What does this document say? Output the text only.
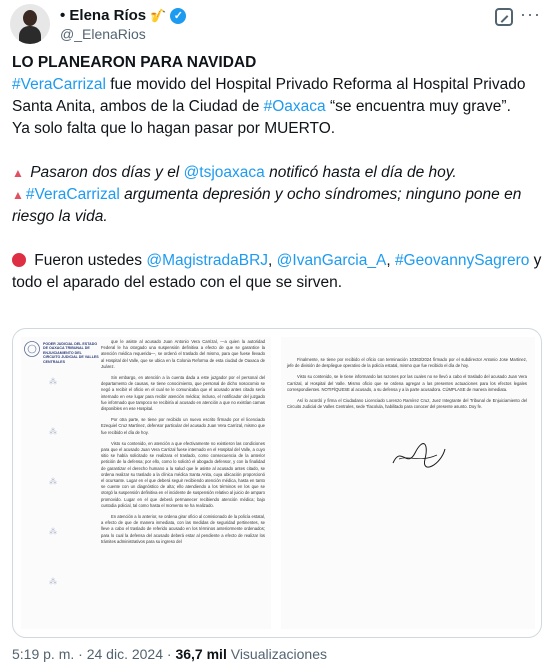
• Elena Ríos 🎷 ✓
@_ElenaRios
···

LO PLANEARON PARA NAVIDAD

#VeraCarrizal fue movido del Hospital Privado Reforma al Hospital Privado Santa Anita, ambos de la Ciudad de #Oaxaca “se encuentra muy grave”.

Ya solo falta que lo hagan pasar por MUERTO.

▲ Pasaron dos días y el @tsjoaxaca notificó hasta el día de hoy.

▲ #VeraCarrizal argumenta depresión y ocho síndromes; ninguno pone en riesgo la vida.

Fueron ustedes @MagistradaBRJ, @IvanGarcia_A, #GeovannySagrero y todo el aparado del estado con el que se sirven.

PODER JUDICIAL DEL ESTADO DE OAXACA TRIBUNAL DE ENJUICIAMIENTO DEL CIRCUITO JUDICIAL DE VALLES CENTRALES
⁂
⁂
⁂
⁂
⁂

que le asiste al acusado Juan Antonio Vera Carrizal, —a quien la autoridad Federal le ha otorgado una suspensión definitiva a efecto de que se garantice la atención médica requerida—, se ordenó el traslado del mismo, para que fuese llevado al Hospital del Valle, que se ubica en la Colonia Reforma de esta ciudad de Oaxaca de Juárez.

Sin embargo, en atención a la cuenta dada a este juzgador por el personal del departamento de causas, se tiene conocimiento, que personal de dicho nosocomio se negó a recibir el oficio en el cual se le comunicaba que el acusado antes citado sería internado en ese lugar para recibir atención médica; incluso, el notificador del juzgado fue informado que tampoco se recibiría al acusado en atención a que no existían camas disponibles en ese Hospital.

Por otra parte, se tiene por recibido un nuevo escrito firmado por el licenciado Ezequiel Cruz Martínez, defensor particular del acusado Juan Vera Carrizal, mismo que fue recibido el día de hoy.

Visto su contenido, en atención a que efectivamente no existieron las condiciones para que el acusado Juan Vera Carrizal fuese internado en el Hospital del Valle, a cuyo sitio se había solicitado se realizara el traslado, como consecuencia de la anterior petición de la defensa; por ello, como lo solicitó el abogado defensor, y con la finalidad de garantizar el derecho humano a la salud que le asiste al acusado antes citado, se ordena realizar su traslado a la clínica médica Santa Anita, cuya ubicación proporcionó el ocursante. Lugar en el que deberá seguir recibiendo atención médica, hasta en tanto se cuente con un diagnóstico de alta; ello atendiendo a los términos en los que se otorgó la suspensión definitiva en el incidente de suspensión relativo al juicio de amparo promovido. Lugar en el que deberá permanecer recibiendo atención médica; bajo custodia policial, tal como hasta el momento se ha realizado.

En atención a lo anterior, se ordena girar oficio al comisionado de la policía estatal, a efecto de que de manera inmediata, con las medidas de seguridad pertinentes, se lleve a cabo el traslado de referido acusado en los términos anteriormente ordenados; para lo cual la defensa del acusado deberá estar al pendiente a efecto de realizar los trámites administrativos para su ingreso del

Finalmente, se tiene por recibido el oficio con terminación 10363/2024 firmado por el subdirector Antonio Jose Martinez, jefe de división de despliegue operativo de la policía estatal, mismo que fue recibido el día de hoy.

Visto su contenido, se le tiene informando las razones por las cuales no se llevó a cabo el traslado del acusado Juan Vera Carrizal, al Hospital del Valle. Mismo oficio que se ordena agregar a las presentes actuaciones para los efectos legales correspondientes. NOTIFÍQUESE al acusado, a su defensa y a la parte acusadora. CÚMPLASE de manera inmediata.

Así lo acordó y firma el Ciudadano Licenciado Lorenzo Ramírez Cruz, Juez Integrante del Tribunal de Enjuiciamiento del Circuito Judicial de Valles Centrales, sede Tlacolula, habilitado para conocer del presente asunto. Doy fe.

5:19 p. m. · 24 dic. 2024 · 36,7 mil Visualizaciones
